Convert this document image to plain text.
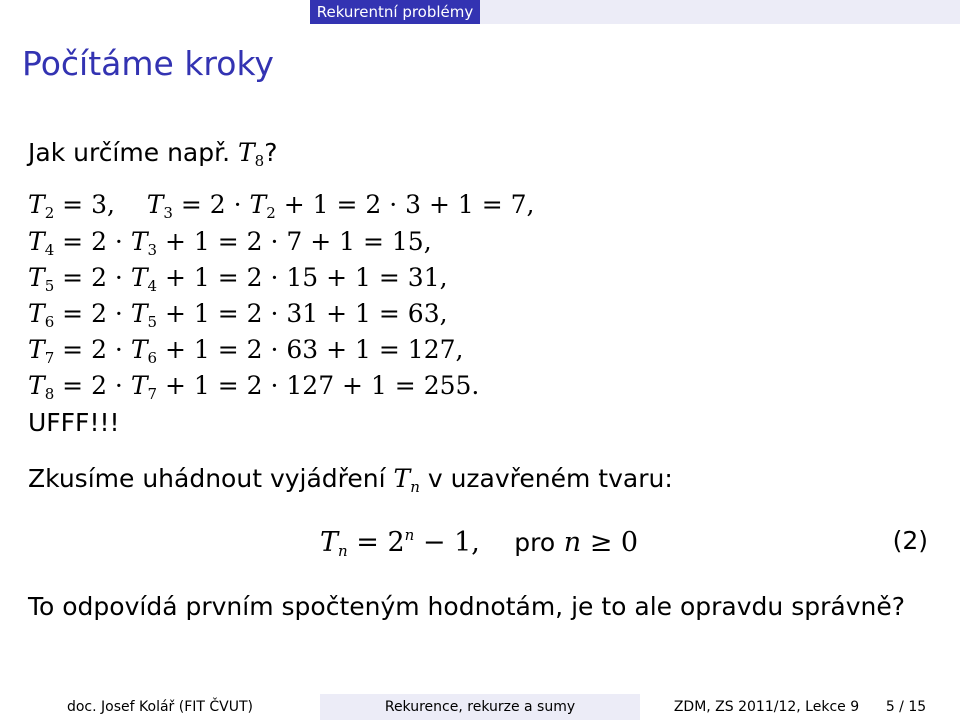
Rekurentní problémy
Počítáme kroky
Jak určíme např. $T_8$?
$T_2 = 3$,    $T_3 = 2 \cdot T_2 + 1 = 2 \cdot 3 + 1 = 7$,
$T_4 = 2 \cdot T_3 + 1 = 2 \cdot 7 + 1 = 15$,
$T_5 = 2 \cdot T_4 + 1 = 2 \cdot 15 + 1 = 31$,
$T_6 = 2 \cdot T_5 + 1 = 2 \cdot 31 + 1 = 63$,
$T_7 = 2 \cdot T_6 + 1 = 2 \cdot 63 + 1 = 127$,
$T_8 = 2 \cdot T_7 + 1 = 2 \cdot 127 + 1 = 255$.
UFFF!!!
Zkusíme uhádnout vyjádření $T_n$ v uzavřeném tvaru:
$T_n = 2^n - 1$, pro n ≥ 0	(2)
To odpovídá prvním spočteným hodnotám, je to ale opravdu správně?
doc. Josef Kolář (FIT ČVUT)	Rekurence, rekurze a sumy	ZDM, ZS 2011/12, Lekce 9 5 / 15
